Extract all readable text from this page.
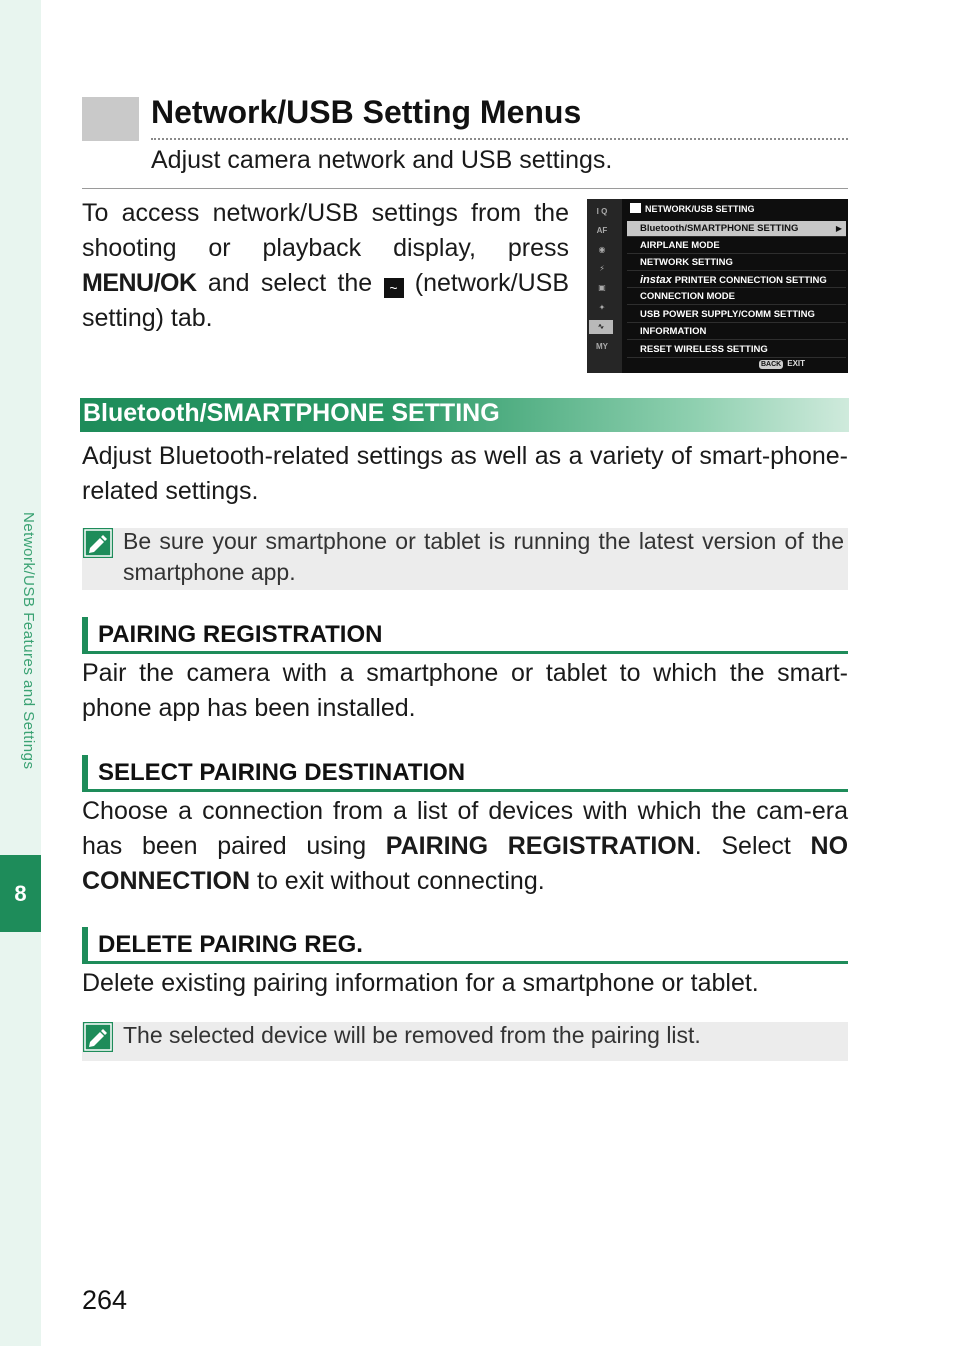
Network/USB Features and Settings
8
Network/USB Setting Menus
Adjust camera network and USB settings.
To access network/USB settings from the shooting or playback display, press MENU/OK and select the ~ (network/USB setting) tab.
I Q
AF
◉
⚡
▣
✦
∿
MY
NETWORK/USB SETTING
Bluetooth/SMARTPHONE SETTING	▶
AIRPLANE MODE
NETWORK SETTING
instax PRINTER CONNECTION SETTING
CONNECTION MODE
USB POWER SUPPLY/COMM SETTING
INFORMATION
RESET WIRELESS SETTING
BACK EXIT
Bluetooth/SMARTPHONE SETTING
Adjust Bluetooth-related settings as well as a variety of smart-phone-related settings.
Be sure your smartphone or tablet is running the latest version of the smartphone app.
PAIRING REGISTRATION
Pair the camera with a smartphone or tablet to which the smart-phone app has been installed.
SELECT PAIRING DESTINATION
Choose a connection from a list of devices with which the cam-era has been paired using PAIRING REGISTRATION. Select NO CONNECTION to exit without connecting.
DELETE PAIRING REG.
Delete existing pairing information for a smartphone or tablet.
The selected device will be removed from the pairing list.
264
